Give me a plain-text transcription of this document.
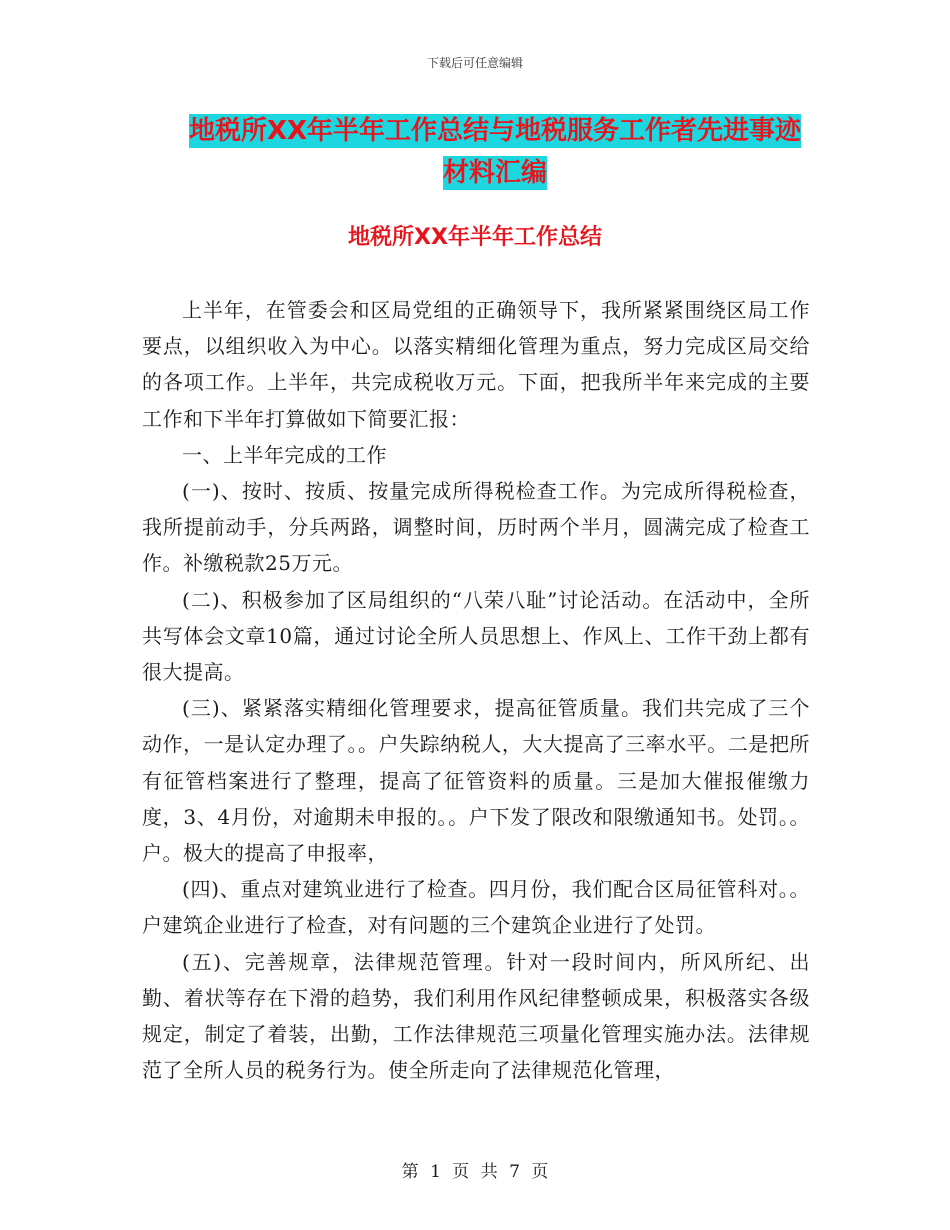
下载后可任意编辑
地税所XX年半年工作总结与地税服务工作者先进事迹
材料汇编
地税所XX年半年工作总结

上半年，在管委会和区局党组的正确领导下，我所紧紧围绕区局工作要点，以组织收入为中心。以落实精细化管理为重点，努力完成区局交给的各项工作。上半年，共完成税收万元。下面，把我所半年来完成的主要工作和下半年打算做如下简要汇报：

一、上半年完成的工作

(一)、按时、按质、按量完成所得税检查工作。为完成所得税检查，我所提前动手，分兵两路，调整时间，历时两个半月，圆满完成了检查工作。补缴税款25万元。

(二)、积极参加了区局组织的“八荣八耻”讨论活动。在活动中，全所共写体会文章10篇，通过讨论全所人员思想上、作风上、工作干劲上都有很大提高。

(三)、紧紧落实精细化管理要求，提高征管质量。我们共完成了三个动作，一是认定办理了。。户失踪纳税人，大大提高了三率水平。二是把所有征管档案进行了整理，提高了征管资料的质量。三是加大催报催缴力度，3、4月份，对逾期未申报的。。户下发了限改和限缴通知书。处罚。。户。极大的提高了申报率，

(四)、重点对建筑业进行了检查。四月份，我们配合区局征管科对。。户建筑企业进行了检查，对有问题的三个建筑企业进行了处罚。

(五)、完善规章，法律规范管理。针对一段时间内，所风所纪、出勤、着状等存在下滑的趋势，我们利用作风纪律整顿成果，积极落实各级规定，制定了着装，出勤，工作法律规范三项量化管理实施办法。法律规范了全所人员的税务行为。使全所走向了法律规范化管理，

第 1 页 共 7 页
